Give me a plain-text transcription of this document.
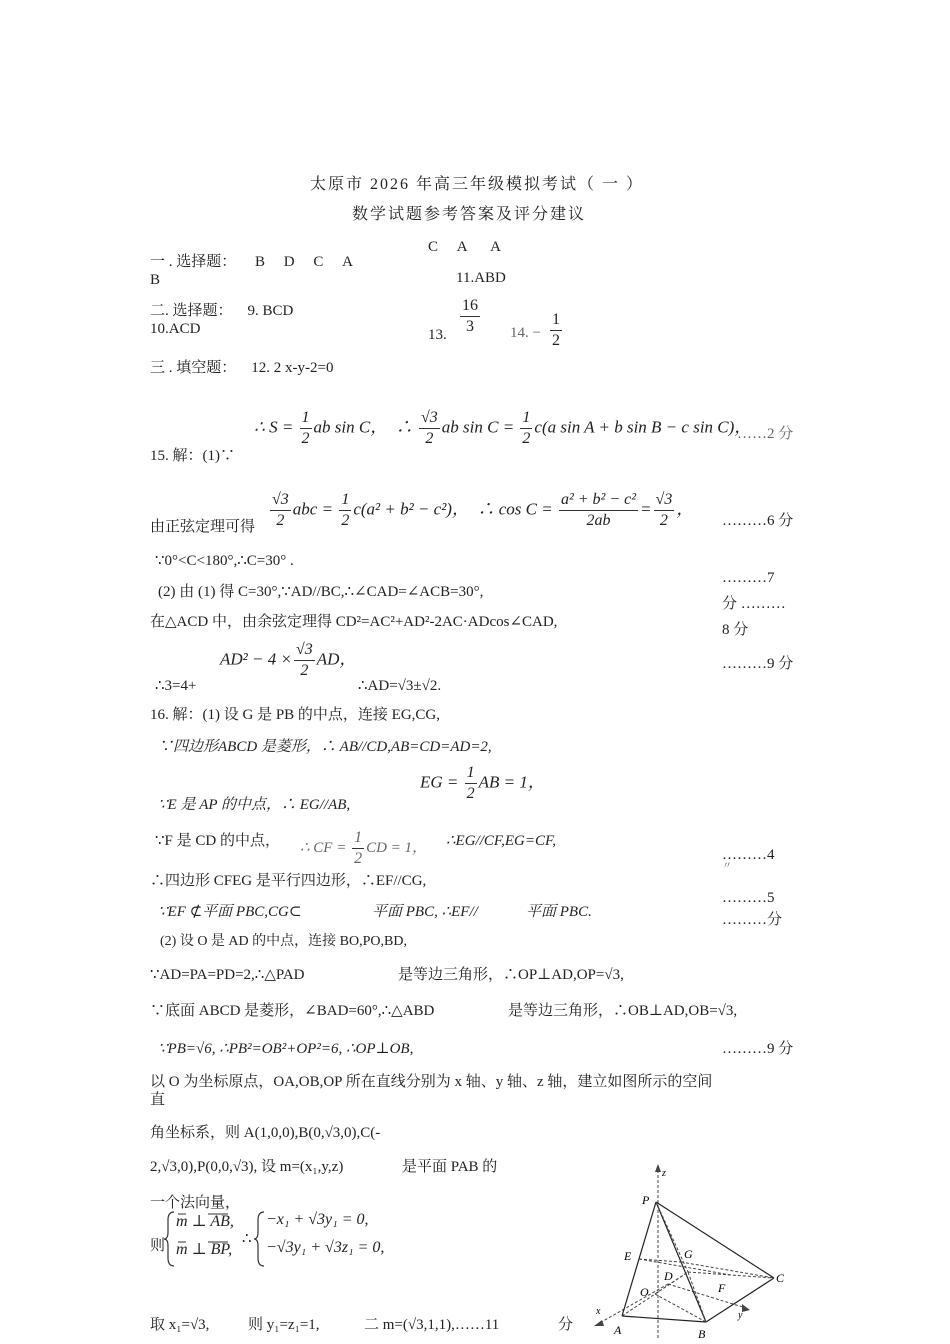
太原市 2026 年高三年级模拟考试（ 一 ）
数学试题参考答案及评分建议
C A A
一 . 选择题： B D C A
B	11.ABD
二. 选择题： 9. BCD
10.ACD	13. $\frac{16}{3} 14$. − $\frac{1}{2}$
三 . 填空题： 12. 2 x-y-2=0
15. 解：(1)∵
∴ $S = \frac{1}{2}$ ab sin C， ∴ $\frac{√3}{2}$ ab $\sin C = \frac{1}{2} c(a$ sin A + b sin B − c sin C)，
……2 分
由正弦定理可得 $\frac{√3}{2}$ abc = $\frac{1}{2} c(a^2 + b^2 - c^2)$， ∴ $\cos C = \frac{\text{a² + b² − c²}}{2ab} = \frac{√3}{2}$ ，
………6 分
∵0°<C<180°,∴C=30° .
(2) 由 (1) 得 C=30°,∵AD//BC,∴∠CAD=∠ACB=30°,
………7
分 ………
8 分
在△ACD 中，由余弦定理得 CD²=AC²+AD²-2AC·ADcos∠CAD,
∴3=4+
$AD^2 - 4 \times \frac{√3}{2}$ AD，
∴AD=√3±√2.
………9 分
16. 解：(1) 设 G 是 PB 的中点，连接 EG,CG,
∵四边形ABCD 是菱形，∴ AB//CD,AB=CD=AD=2,
EG = $\frac{1}{2}$ AB = 1，
∵E 是 AP 的中点，∴ EG//AB,
∵F 是 CD 的中点， ∴ CF = $\frac{1}{2}$ CD = 1， ∴EG//CF,EG=CF,
………4
〃
∴四边形 CFEG 是平行四边形，∴EF//CG,
………5
………分
∵EF ⊄平面 PBC,CG⊂	平面 PBC, ∴EF//	平面 PBC.
(2) 设 O 是 AD 的中点，连接 BO,PO,BD,
∵AD=PA=PD=2,∴△PAD	是等边三角形，∴OP⊥AD,OP=√3,
∵底面 ABCD 是菱形，∠BAD=60°,∴△ABD	是等边三角形，∴OB⊥AD,OB=√3,
∵PB=√6, ∴PB²=OB²+OP²=6, ∴OP⊥OB,	………9 分
以 O 为坐标原点，OA,OB,OP 所在直线分别为 x 轴、y 轴、z 轴，建立如图所示的空间
直
角坐标系，则 A(1,0,0),B(0,√3,0),C(-
2,√3,0),P(0,0,√3), 设 m=(x₁,y,z)	是平面 PAB 的
一个法向量，
则
m ⊥ AB,
m ⊥ BP,
∴
−x₁ + √3y₁ = 0,
−√3y₁ + √3z₁ = 0,
取 x₁=√3,	则 y₁=z₁=1,	二 m=(√3,1,1),……11	分
z
P
E	G
D	C
O	F
x
A	B
y
